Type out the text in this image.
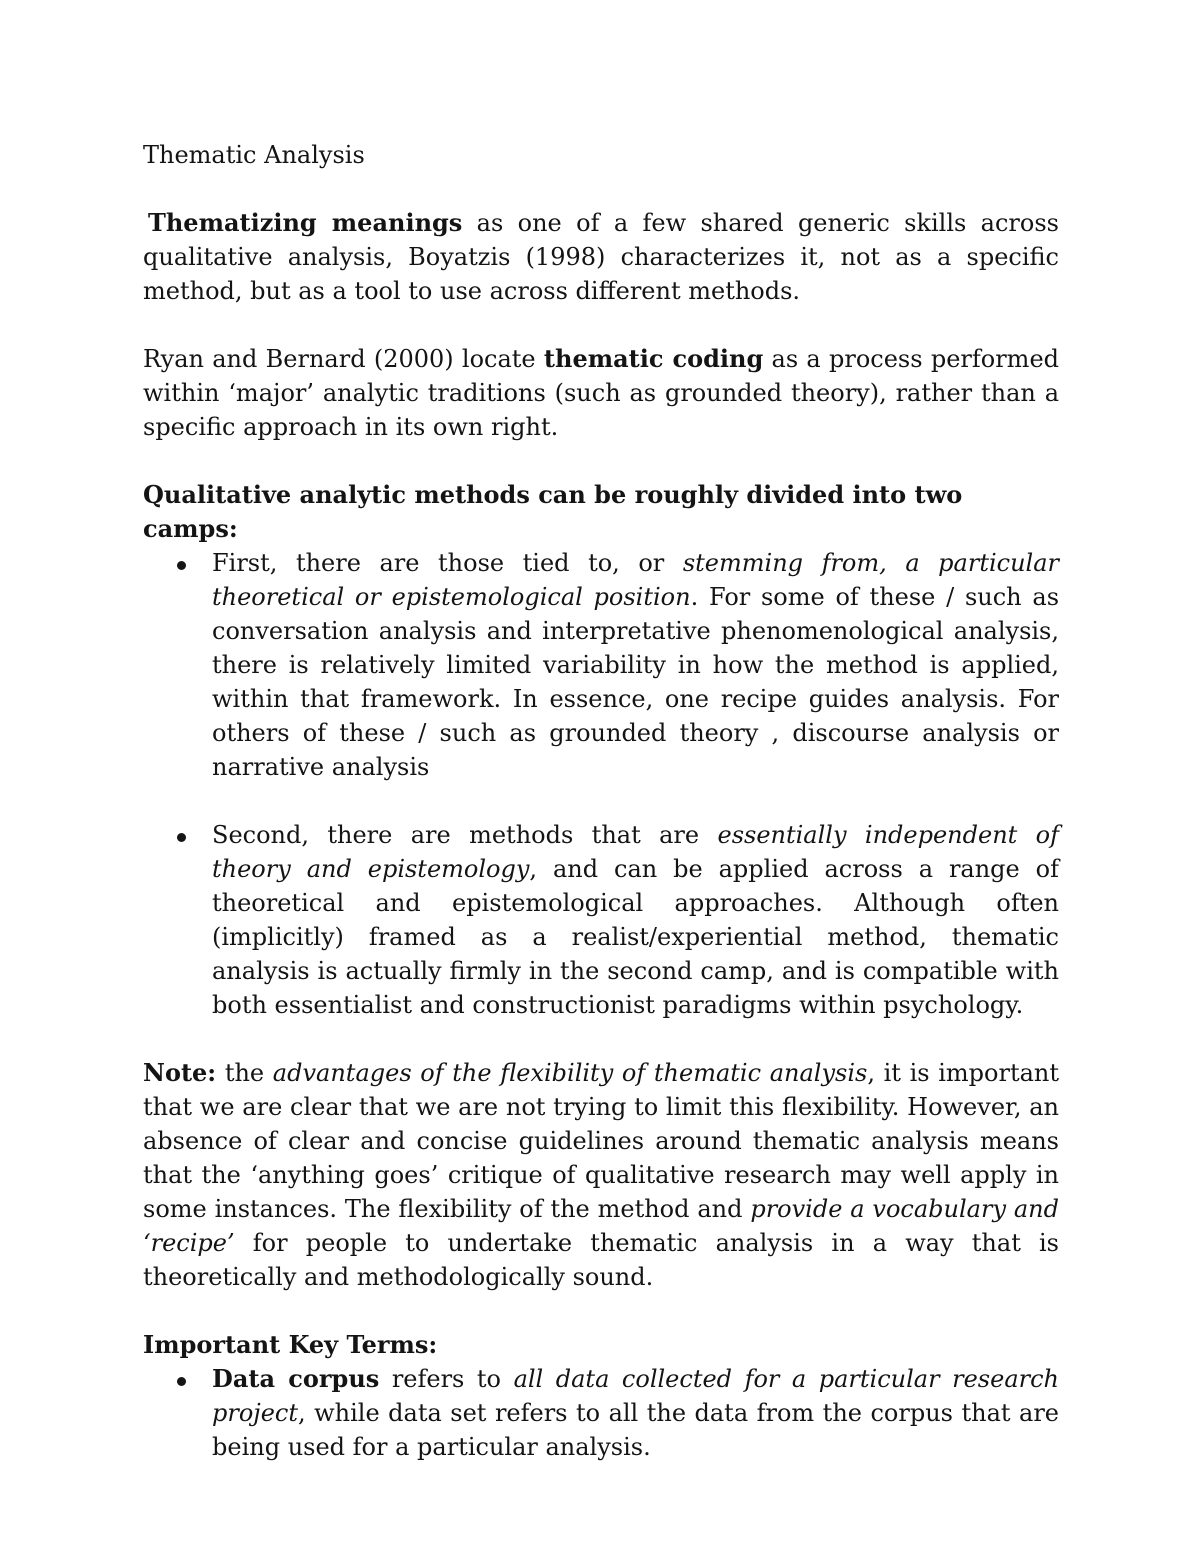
Thematic Analysis

Thematizing meanings as one of a few shared generic skills across qualitative analysis, Boyatzis (1998) characterizes it, not as a specific method, but as a tool to use across different methods.

Ryan and Bernard (2000) locate thematic coding as a process performed within ‘major’ analytic traditions (such as grounded theory), rather than a specific approach in its own right.

Qualitative analytic methods can be roughly divided into two camps:

First, there are those tied to, or stemming from, a particular theoretical or epistemological position. For some of these / such as conversation analysis and interpretative phenomenological analysis, there is relatively limited variability in how the method is applied, within that framework. In essence, one recipe guides analysis. For others of these / such as grounded theory , discourse analysis or narrative analysis
Second, there are methods that are essentially independent of theory and epistemology, and can be applied across a range of theoretical and epistemological approaches. Although often (implicitly) framed as a realist/experiential method, thematic analysis is actually firmly in the second camp, and is compatible with both essentialist and constructionist paradigms within psychology.

Note: the advantages of the flexibility of thematic analysis, it is important that we are clear that we are not trying to limit this flexibility. However, an absence of clear and concise guidelines around thematic analysis means that the ‘anything goes’ critique of qualitative research may well apply in some instances. The flexibility of the method and provide a vocabulary and ‘recipe’ for people to undertake thematic analysis in a way that is theoretically and methodologically sound.

Important Key Terms:

Data corpus refers to all data collected for a particular research project, while data set refers to all the data from the corpus that are being used for a particular analysis.
